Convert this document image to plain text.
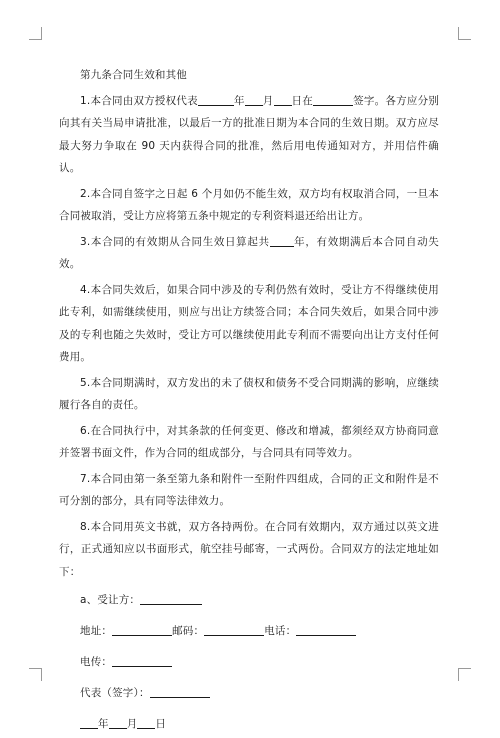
第九条合同生效和其他
1.本合同由双方授权代表	年 月 日在	签字。各方应分别向其有关当局申请批准，以最后一方的批准日期为本合同的生效日期。双方应尽最大努力争取在 90 天内获得合同的批准，然后用电传通知对方，并用信件确认。
2.本合同自签字之日起 6 个月如仍不能生效，双方均有权取消合同，一旦本合同被取消，受让方应将第五条中规定的专利资料退还给出让方。
3.本合同的有效期从合同生效日算起共 年，有效期满后本合同自动失效。
4.本合同失效后，如果合同中涉及的专利仍然有效时，受让方不得继续使用此专利，如需继续使用，则应与出让方续签合同；本合同失效后，如果合同中涉及的专利也随之失效时，受让方可以继续使用此专利而不需要向出让方支付任何费用。
5.本合同期满时，双方发出的未了债权和债务不受合同期满的影响，应继续履行各自的责任。
6.在合同执行中，对其条款的任何变更、修改和增减，都须经双方协商同意并签署书面文件，作为合同的组成部分，与合同具有同等效力。
7.本合同由第一条至第九条和附件一至附件四组成，合同的正文和附件是不可分割的部分，具有同等法律效力。
8.本合同用英文书就，双方各持两份。在合同有效期内，双方通过以英文进行，正式通知应以书面形式，航空挂号邮寄，一式两份。合同双方的法定地址如下：
a、受让方：
地址：	邮码：	电话：
电传：
代表（签字）：
年 月 日
